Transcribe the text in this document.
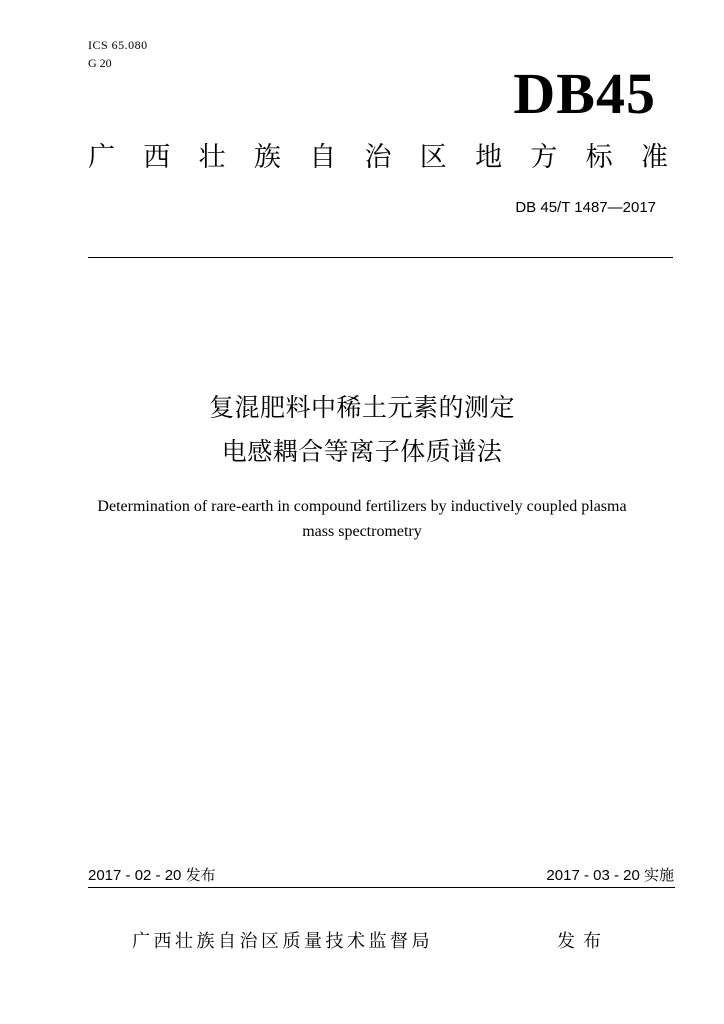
ICS 65.080
G 20	DB45
广 西 壮 族 自 治 区 地 方 标 准
DB 45/T 1487—2017
复混肥料中稀土元素的测定
电感耦合等离子体质谱法
Determination of rare-earth in compound fertilizers by inductively coupled plasma
mass spectrometry
2017 - 02 - 20 发布	2017 - 03 - 20 实施
广西壮族自治区质量技术监督局	发布
